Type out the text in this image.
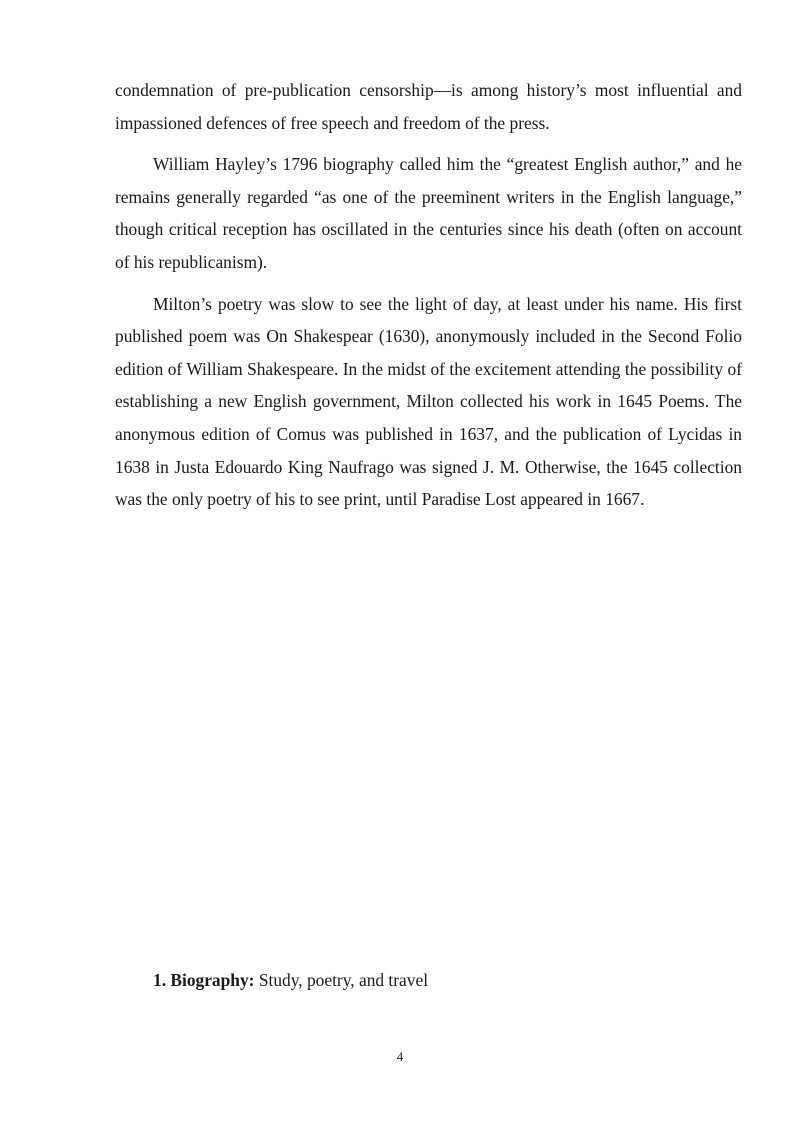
condemnation of pre-publication censorship—is among history’s most influential and impassioned defences of free speech and freedom of the press.

William Hayley’s 1796 biography called him the “greatest English author,” and he remains generally regarded “as one of the preeminent writers in the English language,” though critical reception has oscillated in the centuries since his death (often on account of his republicanism).

Milton’s poetry was slow to see the light of day, at least under his name. His first published poem was On Shakespear (1630), anonymously included in the Second Folio edition of William Shakespeare. In the midst of the excitement attending the possibility of establishing a new English government, Milton collected his work in 1645 Poems. The anonymous edition of Comus was published in 1637, and the publication of Lycidas in 1638 in Justa Edouardo King Naufrago was signed J. M. Otherwise, the 1645 collection was the only poetry of his to see print, until Paradise Lost appeared in 1667.

1. Biography: Study, poetry, and travel
4
